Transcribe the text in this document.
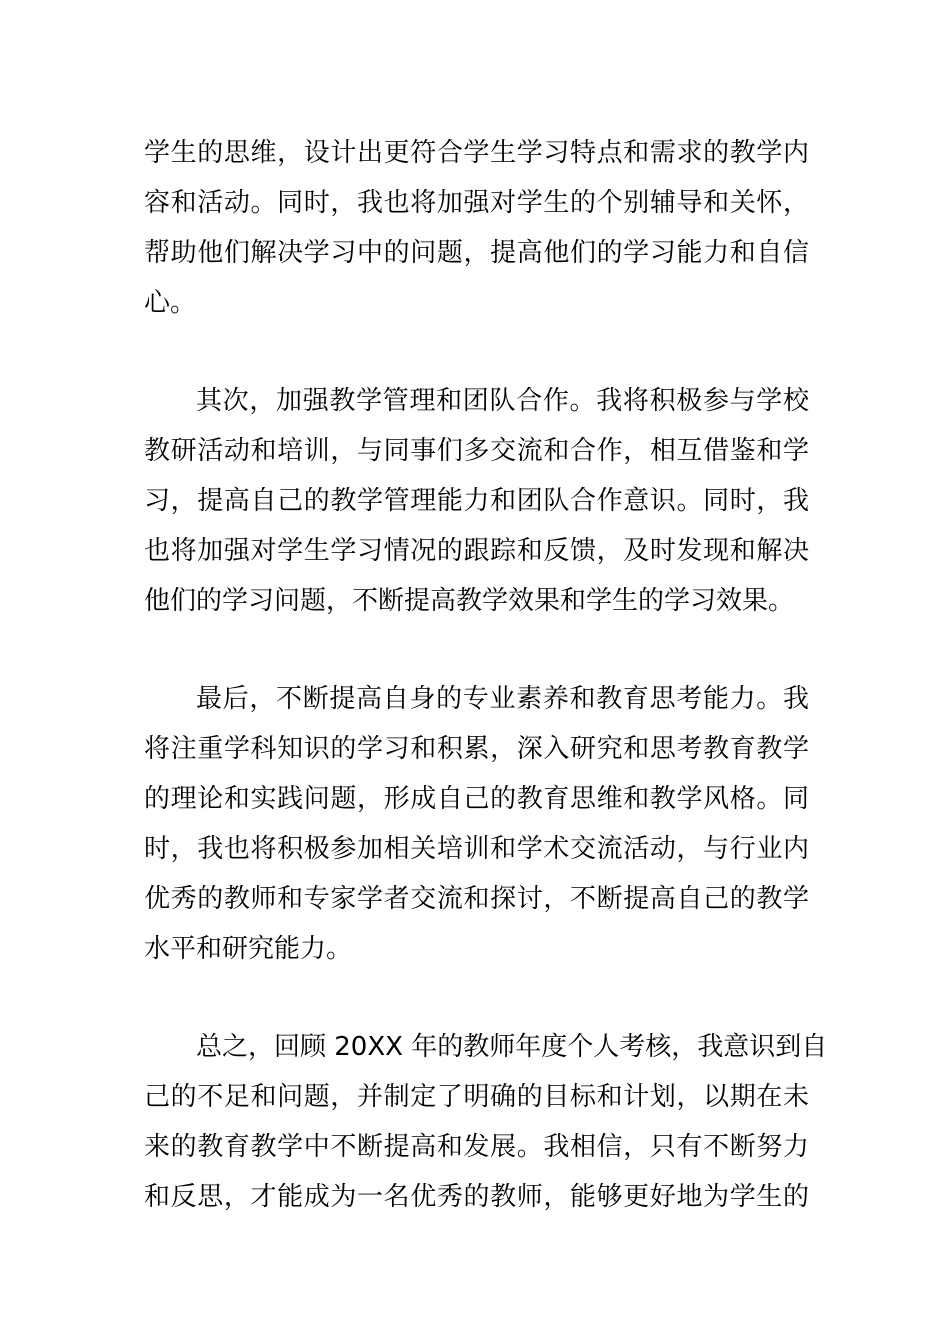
学生的思维，设计出更符合学生学习特点和需求的教学内
容和活动。同时，我也将加强对学生的个别辅导和关怀，
帮助他们解决学习中的问题，提高他们的学习能力和自信
心。
其次，加强教学管理和团队合作。我将积极参与学校
教研活动和培训，与同事们多交流和合作，相互借鉴和学
习，提高自己的教学管理能力和团队合作意识。同时，我
也将加强对学生学习情况的跟踪和反馈，及时发现和解决
他们的学习问题，不断提高教学效果和学生的学习效果。
最后，不断提高自身的专业素养和教育思考能力。我
将注重学科知识的学习和积累，深入研究和思考教育教学
的理论和实践问题，形成自己的教育思维和教学风格。同
时，我也将积极参加相关培训和学术交流活动，与行业内
优秀的教师和专家学者交流和探讨，不断提高自己的教学
水平和研究能力。
总之，回顾 20XX 年的教师年度个人考核，我意识到自
己的不足和问题，并制定了明确的目标和计划，以期在未
来的教育教学中不断提高和发展。我相信，只有不断努力
和反思，才能成为一名优秀的教师，能够更好地为学生的
